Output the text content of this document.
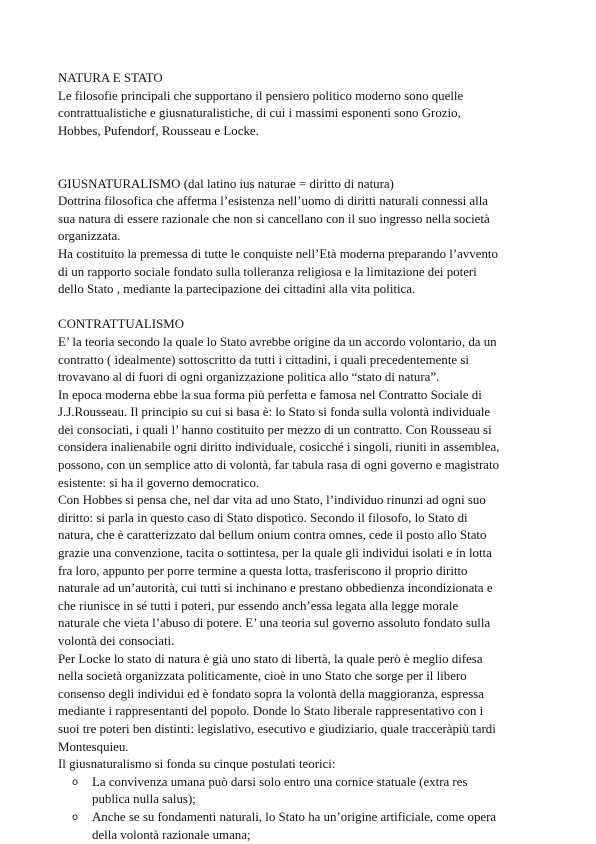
NATURA E STATO
Le filosofie principali che supportano il pensiero politico moderno sono quelle
contrattualistiche e giusnaturalistiche, di cui i massimi esponenti sono Grozio,
Hobbes, Pufendorf, Rousseau e Locke.
GIUSNATURALISMO (dal latino ius naturae = diritto di natura)
Dottrina filosofica che afferma l’esistenza nell’uomo di diritti naturali connessi alla
sua natura di essere razionale che non si cancellano con il suo ingresso nella società
organizzata.
Ha costituito la premessa di tutte le conquiste nell’Età moderna preparando l’avvento
di un rapporto sociale fondato sulla tolleranza religiosa e la limitazione dei poteri
dello Stato , mediante la partecipazione dei cittadini alla vita politica.
CONTRATTUALISMO
E’ la teoria secondo la quale lo Stato avrebbe origine da un accordo volontario, da un
contratto ( idealmente) sottoscritto da tutti i cittadini, i quali precedentemente si
trovavano al di fuori di ogni organizzazione politica allo “stato di natura”.
In epoca moderna ebbe la sua forma più perfetta e famosa nel Contratto Sociale di
J.J.Rousseau. Il principio su cui si basa è: lo Stato si fonda sulla volontà individuale
dei consociati, i quali l’ hanno costituito per mezzo di un contratto. Con Rousseau si
considera inalienabile ogni diritto individuale, cosicché i singoli, riuniti in assemblea,
possono, con un semplice atto di volontà, far tabula rasa di ogni governo e magistrato
esistente: si ha il governo democratico.
Con Hobbes si pensa che, nel dar vita ad uno Stato, l’individuo rinunzi ad ogni suo
diritto: si parla in questo caso di Stato dispotico. Secondo il filosofo, lo Stato di
natura, che è caratterizzato dal bellum onium contra omnes, cede il posto allo Stato
grazie una convenzione, tacita o sottintesa, per la quale gli individui isolati e in lotta
fra loro, appunto per porre termine a questa lotta, trasferiscono il proprio diritto
naturale ad un’autorità, cui tutti si inchinano e prestano obbedienza incondizionata e
che riunisce in sé tutti i poteri, pur essendo anch’essa legata alla legge morale
naturale che vieta l’abuso di potere. E’ una teoria sul governo assoluto fondato sulla
volontà dei consociati.
Per Locke lo stato di natura è già uno stato di libertà, la quale però è meglio difesa
nella società organizzata politicamente, cioè in uno Stato che sorge per il libero
consenso degli individui ed è fondato sopra la volontà della maggioranza, espressa
mediante i rappresentanti del popolo. Donde lo Stato liberale rappresentativo con i
suoi tre poteri ben distinti: legislativo, esecutivo e giudiziario, quale tracceràpiù tardi
Montesquieu.
Il giusnaturalismo si fonda su cinque postulati teorici:
o La convivenza umana può darsi solo entro una cornice statuale (extra res
publica nulla salus);
o Anche se su fondamenti naturali, lo Stato ha un’origine artificiale, come opera
della volontà razionale umana;
